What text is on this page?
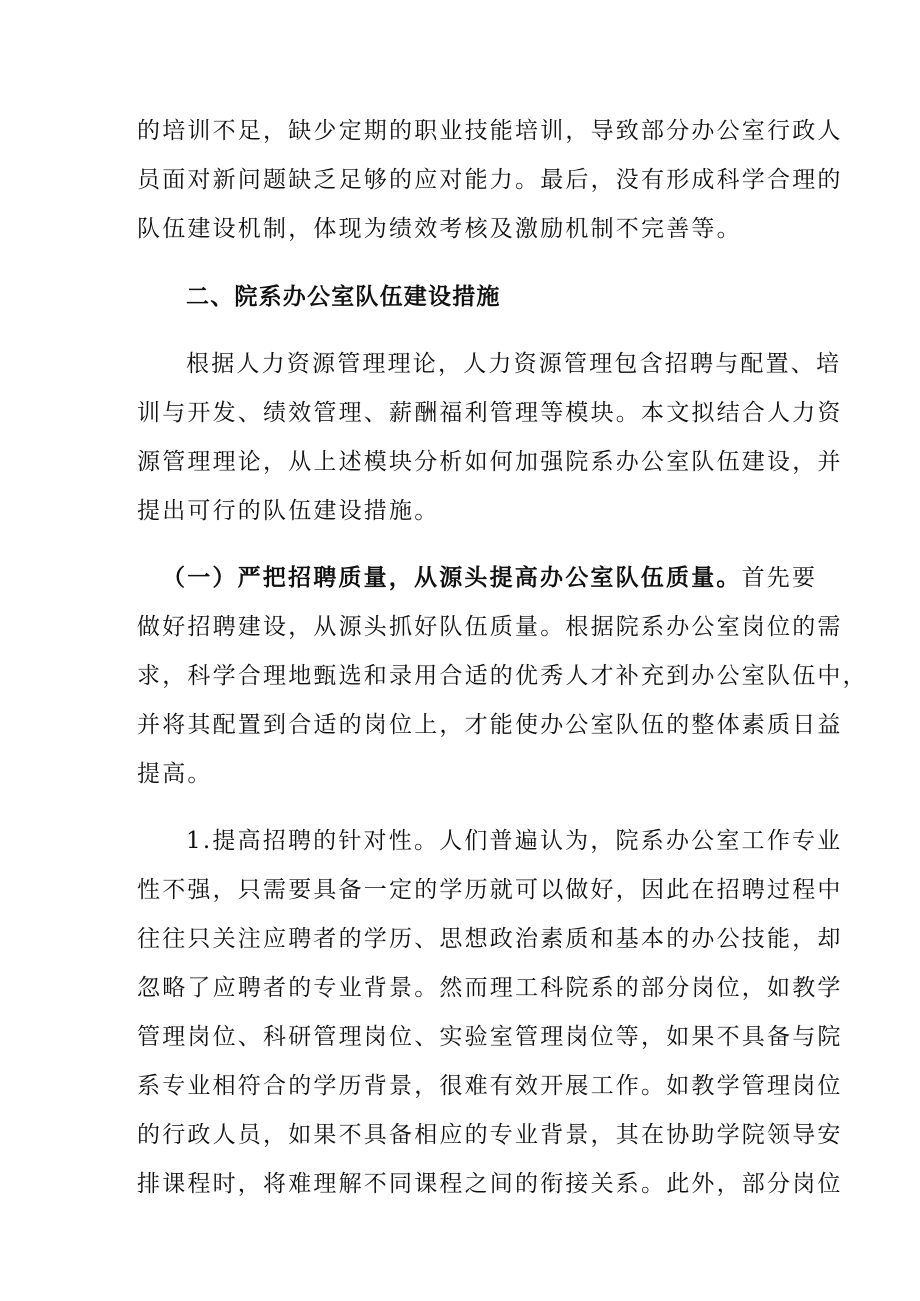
的培训不足，缺少定期的职业技能培训，导致部分办公室行政人
员面对新问题缺乏足够的应对能力。最后，没有形成科学合理的
队伍建设机制，体现为绩效考核及激励机制不完善等。
二、院系办公室队伍建设措施
根据人力资源管理理论，人力资源管理包含招聘与配置、培
训与开发、绩效管理、薪酬福利管理等模块。本文拟结合人力资
源管理理论，从上述模块分析如何加强院系办公室队伍建设，并
提出可行的队伍建设措施。
（一）严把招聘质量，从源头提高办公室队伍质量。首先要
做好招聘建设，从源头抓好队伍质量。根据院系办公室岗位的需
求，科学合理地甄选和录用合适的优秀人才补充到办公室队伍中，
并将其配置到合适的岗位上，才能使办公室队伍的整体素质日益
提高。
1.提高招聘的针对性。人们普遍认为，院系办公室工作专业
性不强，只需要具备一定的学历就可以做好，因此在招聘过程中
往往只关注应聘者的学历、思想政治素质和基本的办公技能，却
忽略了应聘者的专业背景。然而理工科院系的部分岗位，如教学
管理岗位、科研管理岗位、实验室管理岗位等，如果不具备与院
系专业相符合的学历背景，很难有效开展工作。如教学管理岗位
的行政人员，如果不具备相应的专业背景，其在协助学院领导安
排课程时，将难理解不同课程之间的衔接关系。此外，部分岗位
